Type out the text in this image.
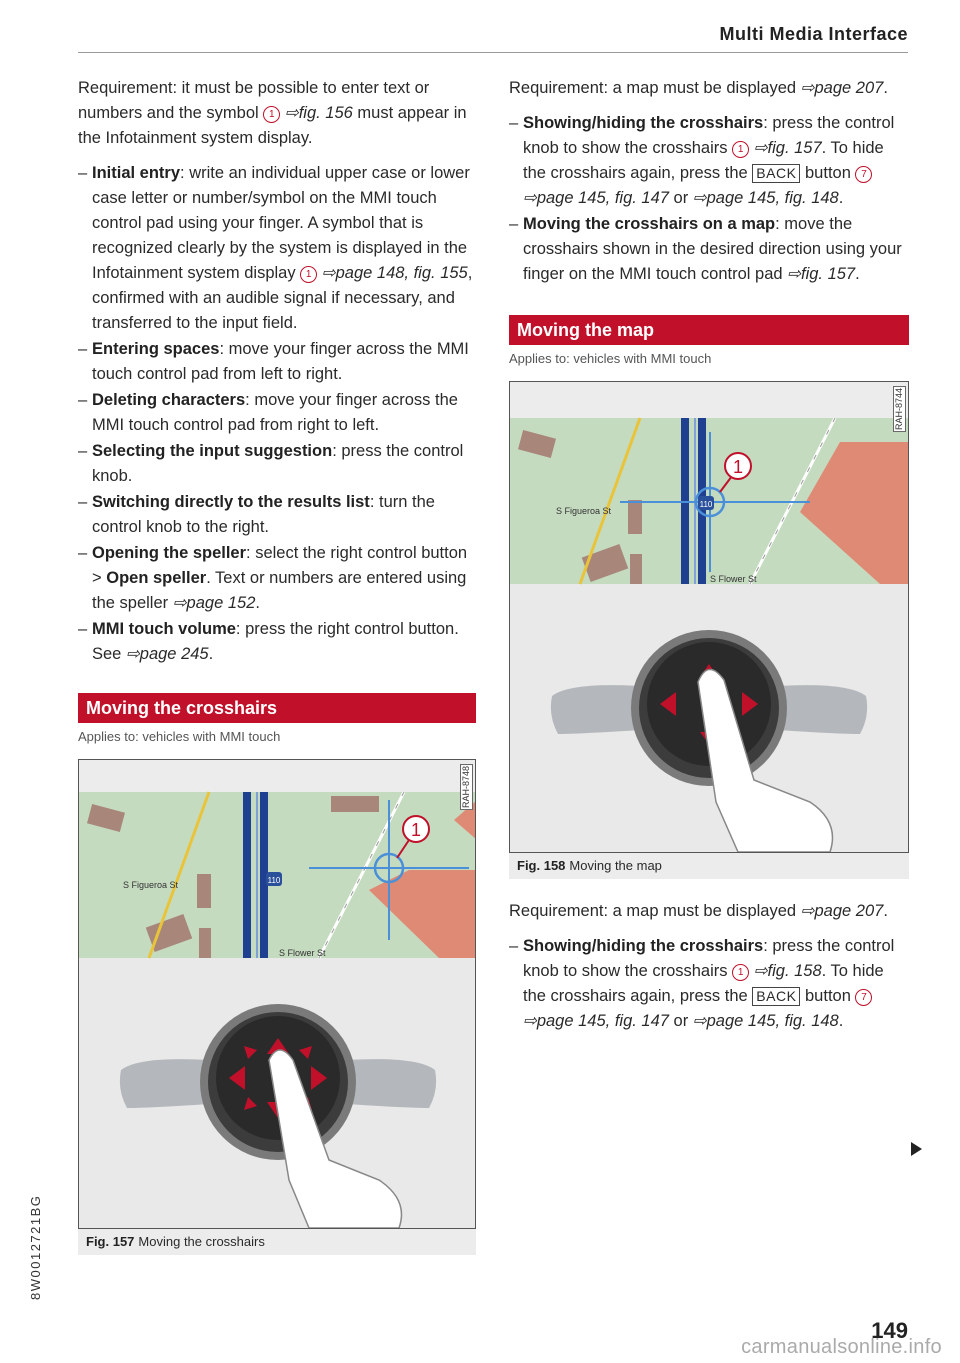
Multi Media Interface

Requirement: it must be possible to enter text or numbers and the symbol 1 ⇨fig. 156 must appear in the Infotainment system display.

– Initial entry: write an individual upper case or lower case letter or number/symbol on the MMI touch control pad using your finger. A symbol that is recognized clearly by the system is displayed in the Infotainment system display 1 ⇨page 148, fig. 155, confirmed with an audible signal if necessary, and transferred to the input field.
– Entering spaces: move your finger across the MMI touch control pad from left to right.
– Deleting characters: move your finger across the MMI touch control pad from right to left.
– Selecting the input suggestion: press the control knob.
– Switching directly to the results list: turn the control knob to the right.
– Opening the speller: select the right control button > Open speller. Text or numbers are entered using the speller ⇨page 152.
– MMI touch volume: press the right control button. See ⇨page 245.
Moving the crosshairs
Applies to: vehicles with MMI touch
1
110
S Figueroa St
S Flower St
RAH-8748
Fig. 157 Moving the crosshairs

Requirement: a map must be displayed ⇨page 207.

– Showing/hiding the crosshairs: press the control knob to show the crosshairs 1 ⇨fig. 157. To hide the crosshairs again, press the BACK button 7 ⇨page 145, fig. 147 or ⇨page 145, fig. 148.
– Moving the crosshairs on a map: move the crosshairs shown in the desired direction using your finger on the MMI touch control pad ⇨fig. 157.
Moving the map
Applies to: vehicles with MMI touch
1
110
S Figueroa St
S Flower St
RAH-8744
Fig. 158 Moving the map

Requirement: a map must be displayed ⇨page 207.

– Showing/hiding the crosshairs: press the control knob to show the crosshairs 1 ⇨fig. 158. To hide the crosshairs again, press the BACK button 7 ⇨page 145, fig. 147 or ⇨page 145, fig. 148.
8W0012721BG
149
carmanualsonline.info
